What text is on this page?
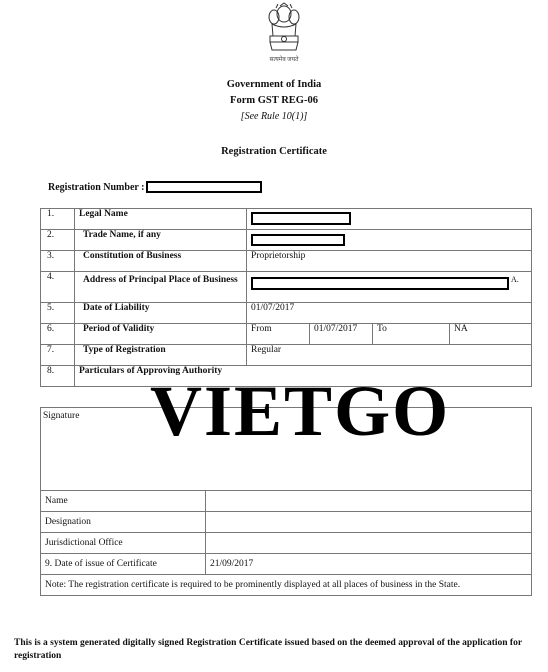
सत्यमेव जयते
Government of India
Form GST REG-06
[See Rule 10(1)]
Registration Certificate
Registration Number :
1.	Legal Name				

2.	Trade Name, if any				

3.	Constitution of Business	Proprietorship			
4.	Address of Principal Place of Business	A.			

5.	Date of Liability	01/07/2017			
6.	Period of Validity	From	01/07/2017	To	NA
7.	Type of Registration	Regular			
8.	Particulars of Approving Authority				
Signature VIETGO
Name	
Designation	
Jurisdictional Office	
9. Date of issue of Certificate	21/09/2017
Note: The registration certificate is required to be prominently displayed at all places of business in the State.	
This is a system generated digitally signed Registration Certificate issued based on the deemed approval of the application for registration
